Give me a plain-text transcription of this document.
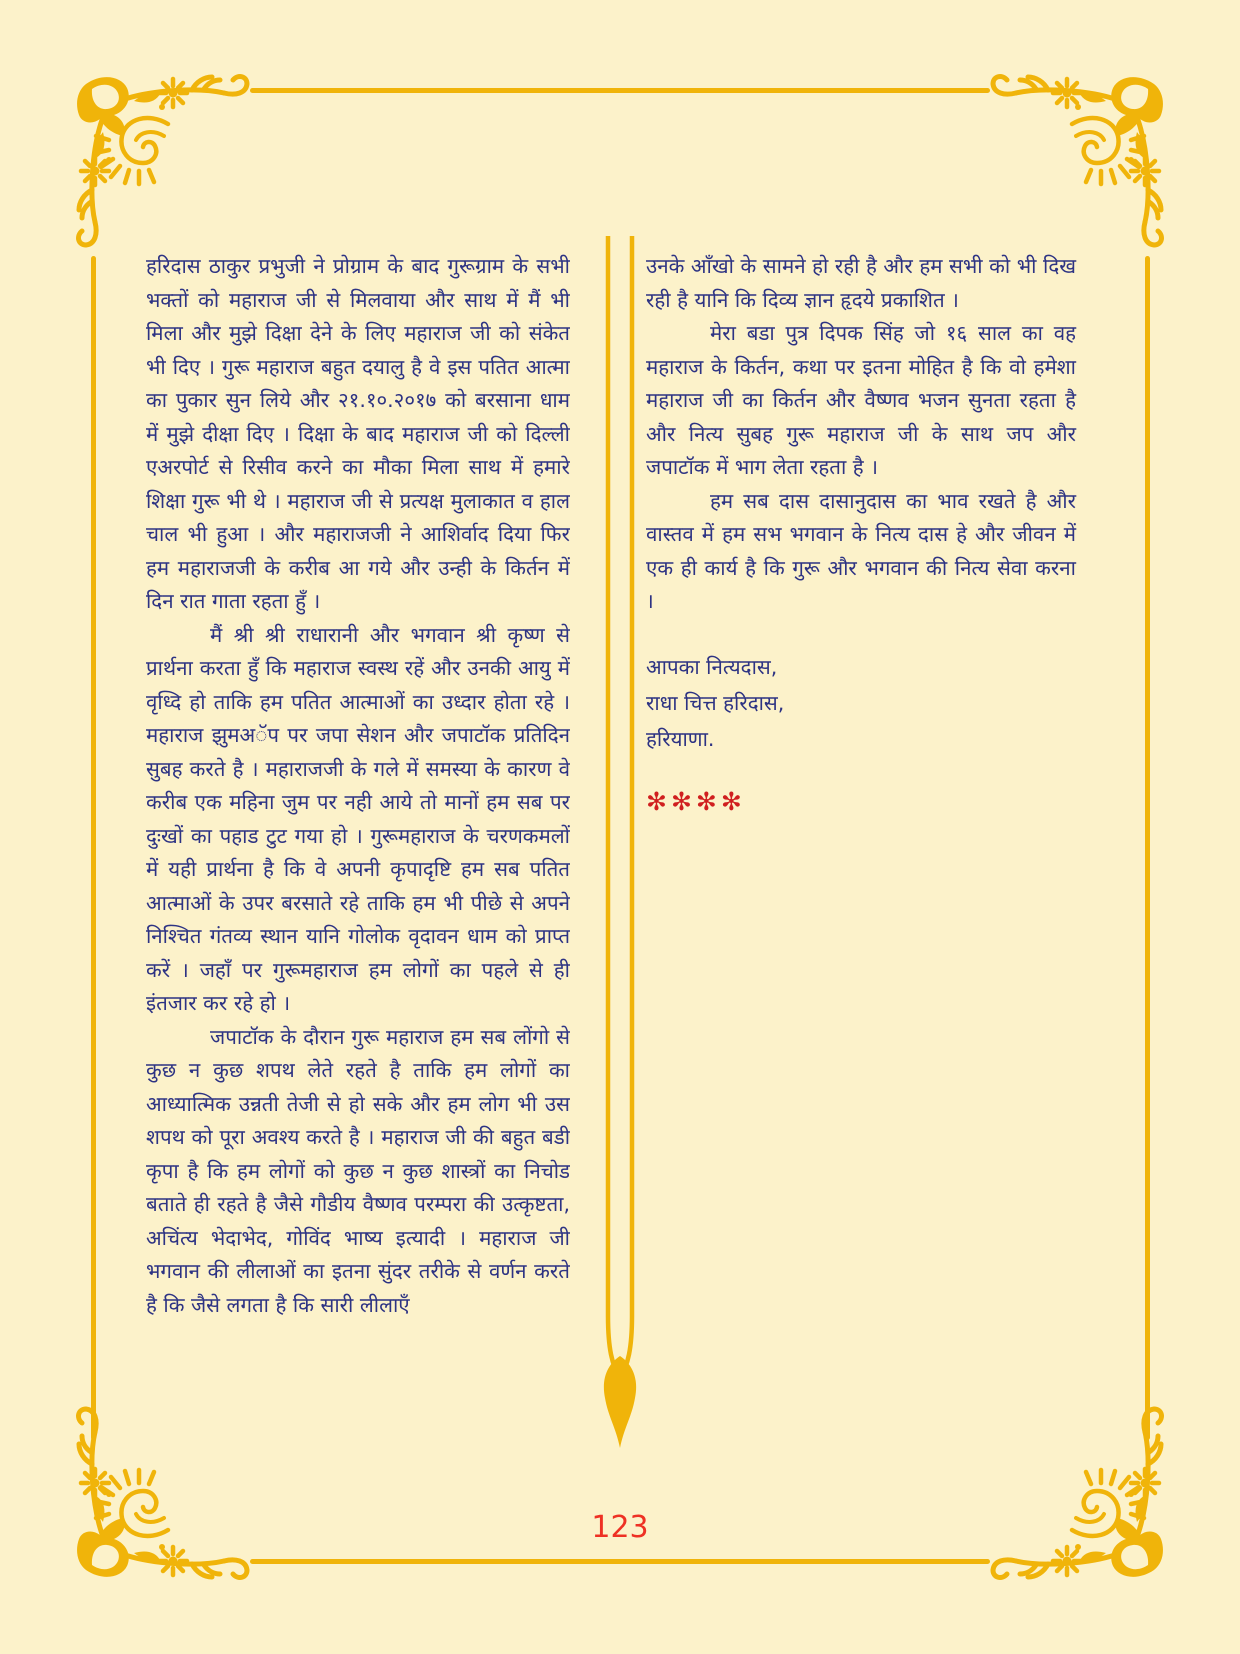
हरिदास ठाकुर प्रभुजी ने प्रोग्राम के बाद गुरूग्राम के सभी भक्तों को महाराज जी से मिलवाया और साथ में मैं भी मिला और मुझे दिक्षा देने के लिए महाराज जी को संकेत भी दिए । गुरू महाराज बहुत दयालु है वे इस पतित आत्मा का पुकार सुन लिये और २१.१०.२०१७ को बरसाना धाम में मुझे दीक्षा दिए । दिक्षा के बाद महाराज जी को दिल्ली एअरपोर्ट से रिसीव करने का मौका मिला साथ में हमारे शिक्षा गुरू भी थे । महाराज जी से प्रत्यक्ष मुलाकात व हाल चाल भी हुआ । और महाराजजी ने आशिर्वाद दिया फिर हम महाराजजी के करीब आ गये और उन्ही के किर्तन में दिन रात गाता रहता हुँ ।

मैं श्री श्री राधारानी और भगवान श्री कृष्ण से प्रार्थना करता हुँ कि महाराज स्वस्थ रहें और उनकी आयु में वृध्दि हो ताकि हम पतित आत्माओं का उध्दार होता रहे । महाराज झुमअॅप पर जपा सेशन और जपाटॉक प्रतिदिन सुबह करते है । महाराजजी के गले में समस्या के कारण वे करीब एक महिना जुम पर नही आये तो मानों हम सब पर दुःखों का पहाड टुट गया हो । गुरूमहाराज के चरणकमलों में यही प्रार्थना है कि वे अपनी कृपादृष्टि हम सब पतित आत्माओं के उपर बरसाते रहे ताकि हम भी पीछे से अपने निश्चित गंतव्य स्थान यानि गोलोक वृदावन धाम को प्राप्त करें । जहाँ पर गुरूमहाराज हम लोगों का पहले से ही इंतजार कर रहे हो ।

जपाटॉक के दौरान गुरू महाराज हम सब लोंगो से कुछ न कुछ शपथ लेते रहते है ताकि हम लोगों का आध्यात्मिक उन्नती तेजी से हो सके और हम लोग भी उस शपथ को पूरा अवश्य करते है । महाराज जी की बहुत बडी कृपा है कि हम लोगों को कुछ न कुछ शास्त्रों का निचोड बताते ही रहते है जैसे गौडीय वैष्णव परम्परा की उत्कृष्टता, अचिंत्य भेदाभेद, गोविंद भाष्य इत्यादी । महाराज जी भगवान की लीलाओं का इतना सुंदर तरीके से वर्णन करते है कि जैसे लगता है कि सारी लीलाएँ

उनके आँखो के सामने हो रही है और हम सभी को भी दिख रही है यानि कि दिव्य ज्ञान हृदये प्रकाशित ।

मेरा बडा पुत्र दिपक सिंह जो १६ साल का वह महाराज के किर्तन, कथा पर इतना मोहित है कि वो हमेशा महाराज जी का किर्तन और वैष्णव भजन सुनता रहता है और नित्य सुबह गुरू महाराज जी के साथ जप और जपाटॉक में भाग लेता रहता है ।

हम सब दास दासानुदास का भाव रखते है और वास्तव में हम सभ भगवान के नित्य दास हे और जीवन में एक ही कार्य है कि गुरू और भगवान की नित्य सेवा करना ।

आपका नित्यदास,
राधा चित्त हरिदास,
हरियाणा.
✻✻✻✻
123
